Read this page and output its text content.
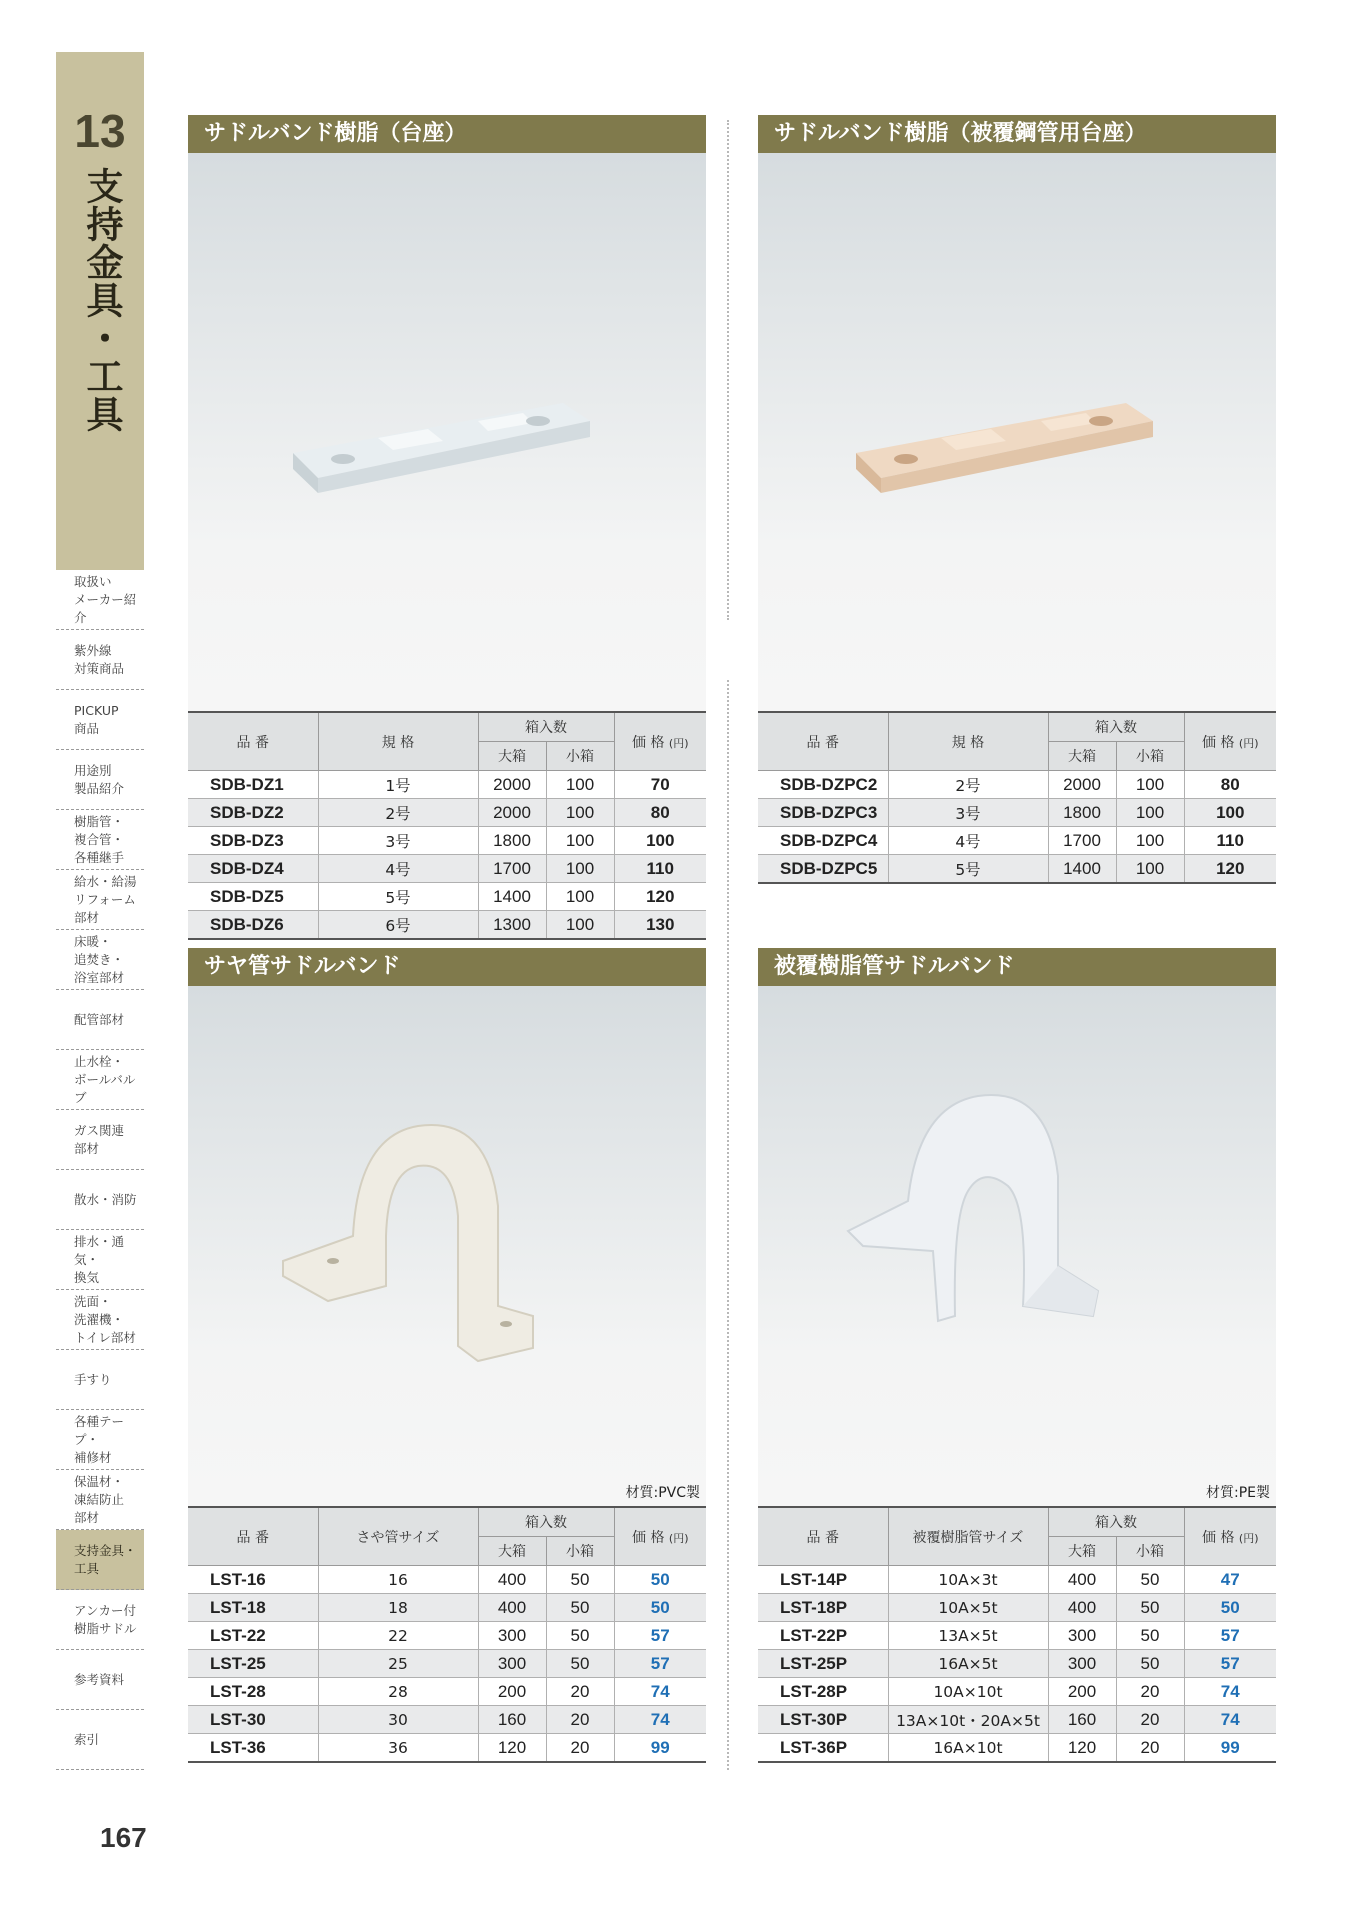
13
支持金具・工具
取扱い
メーカー紹介
紫外線
対策商品
PICKUP
商品
用途別
製品紹介
樹脂管・
複合管・
各種継手
給水・給湯
リフォーム
部材
床暖・
追焚き・
浴室部材
配管部材
止水栓・
ボールバルブ
ガス関連
部材
散水・消防
排水・通気・
換気
洗面・
洗濯機・
トイレ部材
手すり
各種テープ・
補修材
保温材・
凍結防止
部材
支持金具・
工具
アンカー付
樹脂サドル
参考資料
索引
167
サドルバンド樹脂（台座）
品 番	規 格	箱入数		価 格 (円)
		大箱	小箱	
SDB-DZ1	1号	2000	100	70
SDB-DZ2	2号	2000	100	80
SDB-DZ3	3号	1800	100	100
SDB-DZ4	4号	1700	100	110
SDB-DZ5	5号	1400	100	120
SDB-DZ6	6号	1300	100	130
サドルバンド樹脂（被覆鋼管用台座）
品 番	規 格	箱入数		価 格 (円)
		大箱	小箱	
SDB-DZPC2	2号	2000	100	80
SDB-DZPC3	3号	1800	100	100
SDB-DZPC4	4号	1700	100	110
SDB-DZPC5	5号	1400	100	120
サヤ管サドルバンド
材質:PVC製
品 番	さや管サイズ	箱入数		価 格 (円)
		大箱	小箱	
LST-16	16	400	50	50
LST-18	18	400	50	50
LST-22	22	300	50	57
LST-25	25	300	50	57
LST-28	28	200	20	74
LST-30	30	160	20	74
LST-36	36	120	20	99
被覆樹脂管サドルバンド
材質:PE製
品 番	被覆樹脂管サイズ	箱入数		価 格 (円)
		大箱	小箱	
LST-14P	10A×3t	400	50	47
LST-18P	10A×5t	400	50	50
LST-22P	13A×5t	300	50	57
LST-25P	16A×5t	300	50	57
LST-28P	10A×10t	200	20	74
LST-30P	13A×10t・20A×5t	160	20	74
LST-36P	16A×10t	120	20	99
